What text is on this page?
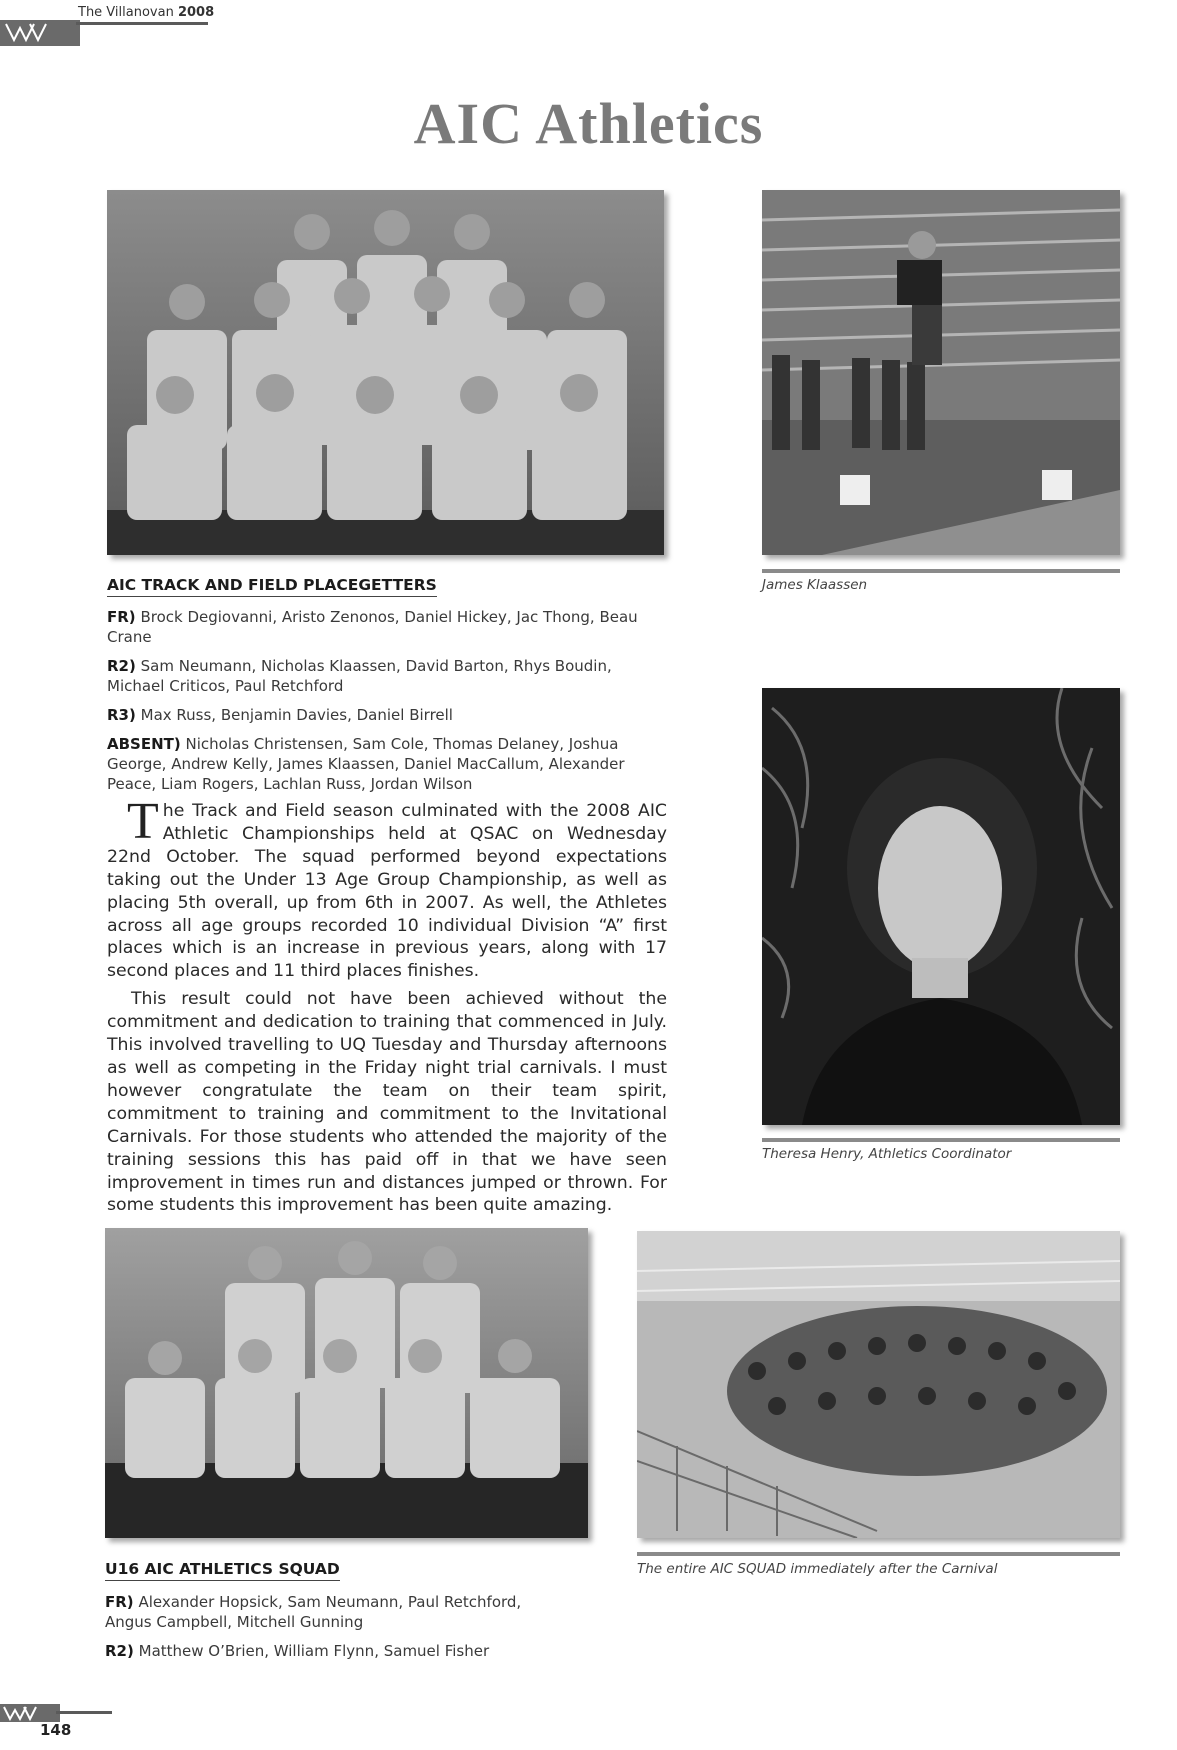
The Villanovan 2008
AIC Athletics
James Klaassen
AIC TRACK AND FIELD PLACEGETTERS

FR) Brock Degiovanni, Aristo Zenonos, Daniel Hickey, Jac Thong, Beau Crane

R2) Sam Neumann, Nicholas Klaassen, David Barton, Rhys Boudin, Michael Criticos, Paul Retchford

R3) Max Russ, Benjamin Davies, Daniel Birrell

ABSENT) Nicholas Christensen, Sam Cole, Thomas Delaney, Joshua George, Andrew Kelly, James Klaassen, Daniel MacCallum, Alexander Peace, Liam Rogers, Lachlan Russ, Jordan Wilson

The Track and Field season culminated with the 2008 AIC Athletic Championships held at QSAC on Wednesday 22nd October. The squad performed beyond expectations taking out the Under 13 Age Group Championship, as well as placing 5th overall, up from 6th in 2007. As well, the Athletes across all age groups recorded 10 individual Division “A” first places which is an increase in previous years, along with 17 second places and 11 third places finishes.

This result could not have been achieved without the commitment and dedication to training that commenced in July. This involved travelling to UQ Tuesday and Thursday afternoons as well as competing in the Friday night trial carnivals. I must however congratulate the team on their team spirit, commitment to training and commitment to the Invitational Carnivals. For those students who attended the majority of the training sessions this has paid off in that we have seen improvement in times run and distances jumped or thrown. For some students this improvement has been quite amazing.

Theresa Henry, Athletics Coordinator
The entire AIC SQUAD immediately after the Carnival
U16 AIC ATHLETICS SQUAD

FR) Alexander Hopsick, Sam Neumann, Paul Retchford, Angus Campbell, Mitchell Gunning

R2) Matthew O’Brien, William Flynn, Samuel Fisher

148
